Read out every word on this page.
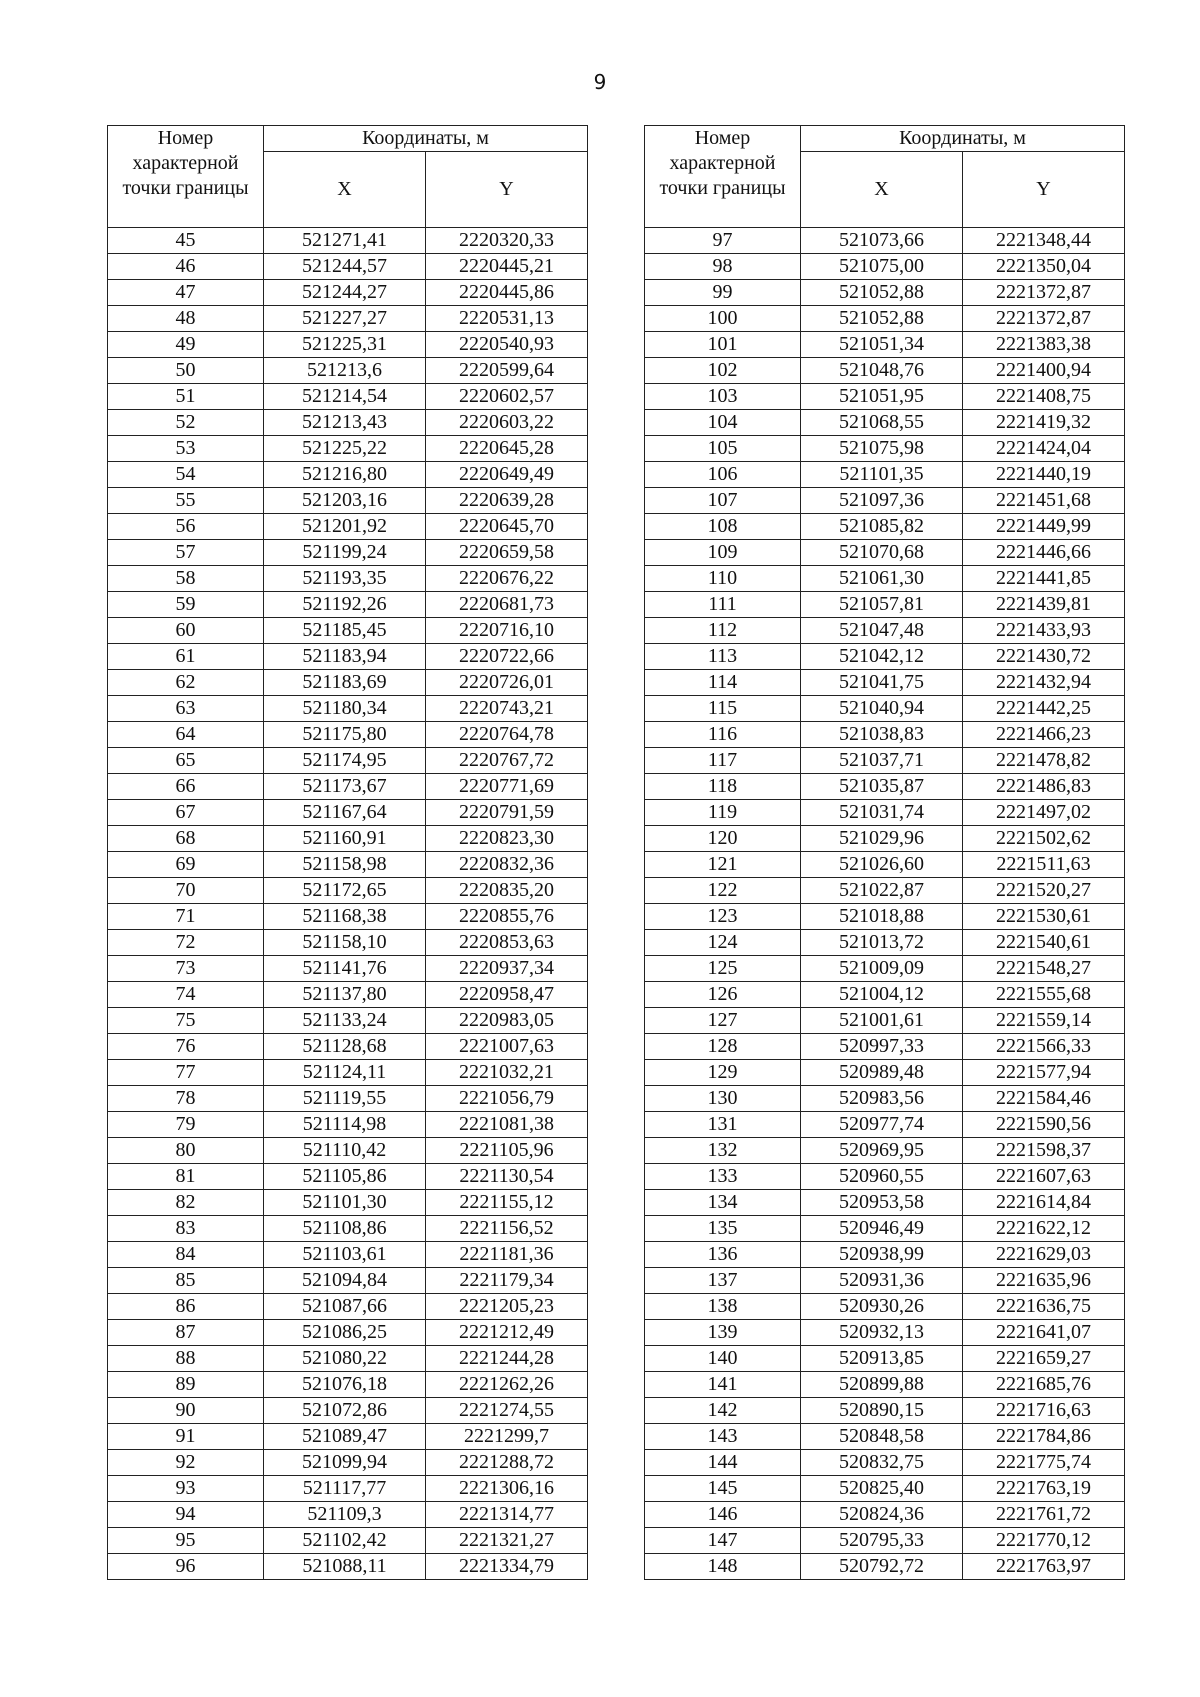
9
Номер характерной точки границы	Координаты, м	
	X	Y
45	521271,41	2220320,33
46	521244,57	2220445,21
47	521244,27	2220445,86
48	521227,27	2220531,13
49	521225,31	2220540,93
50	521213,6	2220599,64
51	521214,54	2220602,57
52	521213,43	2220603,22
53	521225,22	2220645,28
54	521216,80	2220649,49
55	521203,16	2220639,28
56	521201,92	2220645,70
57	521199,24	2220659,58
58	521193,35	2220676,22
59	521192,26	2220681,73
60	521185,45	2220716,10
61	521183,94	2220722,66
62	521183,69	2220726,01
63	521180,34	2220743,21
64	521175,80	2220764,78
65	521174,95	2220767,72
66	521173,67	2220771,69
67	521167,64	2220791,59
68	521160,91	2220823,30
69	521158,98	2220832,36
70	521172,65	2220835,20
71	521168,38	2220855,76
72	521158,10	2220853,63
73	521141,76	2220937,34
74	521137,80	2220958,47
75	521133,24	2220983,05
76	521128,68	2221007,63
77	521124,11	2221032,21
78	521119,55	2221056,79
79	521114,98	2221081,38
80	521110,42	2221105,96
81	521105,86	2221130,54
82	521101,30	2221155,12
83	521108,86	2221156,52
84	521103,61	2221181,36
85	521094,84	2221179,34
86	521087,66	2221205,23
87	521086,25	2221212,49
88	521080,22	2221244,28
89	521076,18	2221262,26
90	521072,86	2221274,55
91	521089,47	2221299,7
92	521099,94	2221288,72
93	521117,77	2221306,16
94	521109,3	2221314,77
95	521102,42	2221321,27
96	521088,11	2221334,79
Номер характерной точки границы	Координаты, м	
	X	Y
97	521073,66	2221348,44
98	521075,00	2221350,04
99	521052,88	2221372,87
100	521052,88	2221372,87
101	521051,34	2221383,38
102	521048,76	2221400,94
103	521051,95	2221408,75
104	521068,55	2221419,32
105	521075,98	2221424,04
106	521101,35	2221440,19
107	521097,36	2221451,68
108	521085,82	2221449,99
109	521070,68	2221446,66
110	521061,30	2221441,85
111	521057,81	2221439,81
112	521047,48	2221433,93
113	521042,12	2221430,72
114	521041,75	2221432,94
115	521040,94	2221442,25
116	521038,83	2221466,23
117	521037,71	2221478,82
118	521035,87	2221486,83
119	521031,74	2221497,02
120	521029,96	2221502,62
121	521026,60	2221511,63
122	521022,87	2221520,27
123	521018,88	2221530,61
124	521013,72	2221540,61
125	521009,09	2221548,27
126	521004,12	2221555,68
127	521001,61	2221559,14
128	520997,33	2221566,33
129	520989,48	2221577,94
130	520983,56	2221584,46
131	520977,74	2221590,56
132	520969,95	2221598,37
133	520960,55	2221607,63
134	520953,58	2221614,84
135	520946,49	2221622,12
136	520938,99	2221629,03
137	520931,36	2221635,96
138	520930,26	2221636,75
139	520932,13	2221641,07
140	520913,85	2221659,27
141	520899,88	2221685,76
142	520890,15	2221716,63
143	520848,58	2221784,86
144	520832,75	2221775,74
145	520825,40	2221763,19
146	520824,36	2221761,72
147	520795,33	2221770,12
148	520792,72	2221763,97
